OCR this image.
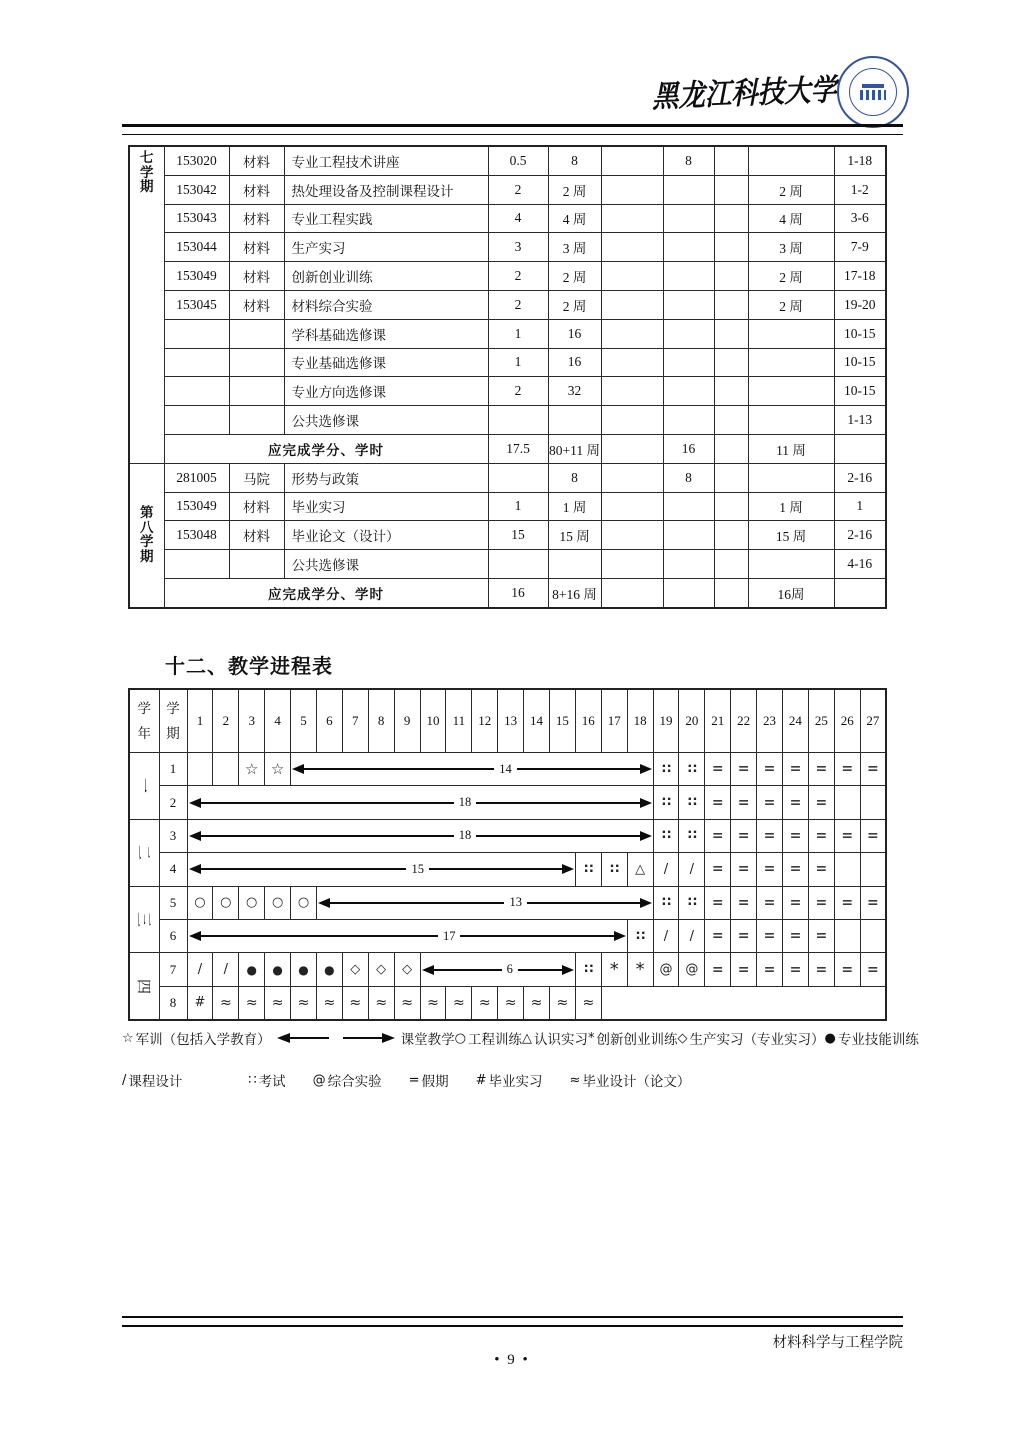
黑龙江科技大学
七
学
期	153020	材料	专业工程技术讲座	0.5	8		8			1-18
	153042	材料	热处理设备及控制课程设计	2	2 周				2 周	1-2
	153043	材料	专业工程实践	4	4 周				4 周	3-6
	153044	材料	生产实习	3	3 周				3 周	7-9
	153049	材料	创新创业训练	2	2 周				2 周	17-18
	153045	材料	材料综合实验	2	2 周				2 周	19-20
			学科基础选修课	1	16					10-15
			专业基础选修课	1	16					10-15
			专业方向选修课	2	32					10-15
			公共选修课							1-13
	应完成学分、学时			17.5	80+11 周		16		11 周	
第
八
学
期	281005	马院	形势与政策		8		8			2-16
	153049	材料	毕业实习	1	1 周				1 周	1
	153048	材料	毕业论文（设计）	15	15 周				15 周	2-16
			公共选修课							4-16
	应完成学分、学时			16	8+16 周				16周	
十二、教学进程表
学
年	学
期	1	2	3	4	5	6	7	8	9	10	11	12	13	14	15	16	17	18	19	20	21	22	23	24	25	26	27
一	1			☆	☆	14														∷	∷	=	=	=	=	=	=	=
	2	18																		∷	∷	=	=	=	=	=		
二	3	18																		∷	∷	=	=	=	=	=	=	=
	4	15															∷	∷	△	/	/	=	=	=	=	=		
三	5	○	○	○	○	○	13													∷	∷	=	=	=	=	=	=	=
	6	17																	∷	/	/	=	=	=	=	=		
四	7	/	/	●	●	●	●	◇	◇	◇	6						∷	*	*	@	@	=	=	=	=	=	=	=
	8	#	≈	≈	≈	≈	≈	≈	≈	≈	≈	≈	≈	≈	≈	≈	≈											
☆ 军训（包括入学教育）	课堂教学 ○ 工程训练 △ 认识实习 * 创新创业训练 ◇ 生产实习（专业实习） ● 专业技能训练
/ 课程设计	∷ 考试 @ 综合实验 = 假期 # 毕业实习 ≈ 毕业设计（论文）
材料科学与工程学院
• 9 •
